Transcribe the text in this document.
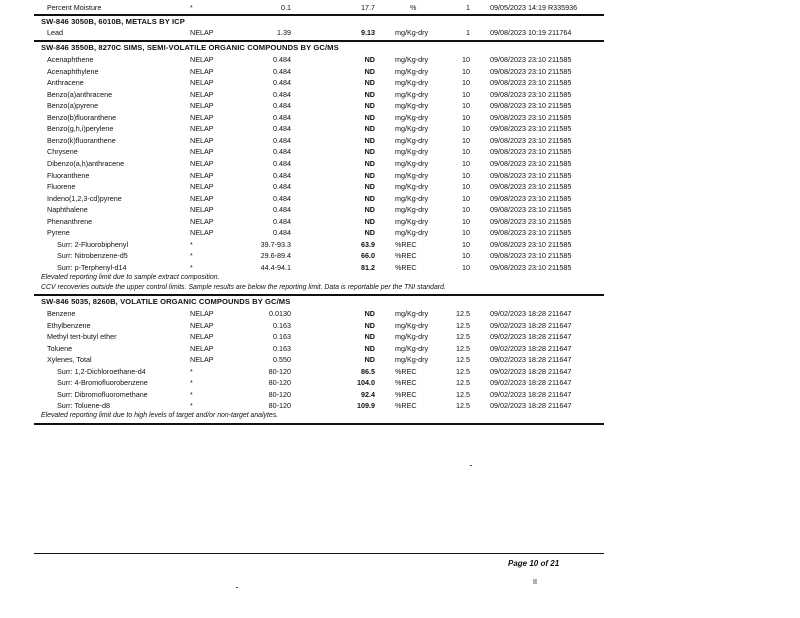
Percent Moisture	*	0.1	17.7	%	1	09/05/2023 14:19 R335936
SW-846 3050B, 6010B, METALS BY ICP
Lead	NELAP	1.39	9.13	mg/Kg-dry	1	09/08/2023 10:19 211764
SW-846 3550B, 8270C SIMS, SEMI-VOLATILE ORGANIC COMPOUNDS BY GC/MS
Acenaphthene	NELAP	0.484	ND	mg/Kg-dry	10	09/08/2023 23:10 211585
Acenaphthylene	NELAP	0.484	ND	mg/Kg-dry	10	09/08/2023 23:10 211585
Anthracene	NELAP	0.484	ND	mg/Kg-dry	10	09/08/2023 23:10 211585
Benzo(a)anthracene	NELAP	0.484	ND	mg/Kg-dry	10	09/08/2023 23:10 211585
Benzo(a)pyrene	NELAP	0.484	ND	mg/Kg-dry	10	09/08/2023 23:10 211585
Benzo(b)fluoranthene	NELAP	0.484	ND	mg/Kg-dry	10	09/08/2023 23:10 211585
Benzo(g,h,i)perylene	NELAP	0.484	ND	mg/Kg-dry	10	09/08/2023 23:10 211585
Benzo(k)fluoranthene	NELAP	0.484	ND	mg/Kg-dry	10	09/08/2023 23:10 211585
Chrysene	NELAP	0.484	ND	mg/Kg-dry	10	09/08/2023 23:10 211585
Dibenzo(a,h)anthracene	NELAP	0.484	ND	mg/Kg-dry	10	09/08/2023 23:10 211585
Fluoranthene	NELAP	0.484	ND	mg/Kg-dry	10	09/08/2023 23:10 211585
Fluorene	NELAP	0.484	ND	mg/Kg-dry	10	09/08/2023 23:10 211585
Indeno(1,2,3-cd)pyrene	NELAP	0.484	ND	mg/Kg-dry	10	09/08/2023 23:10 211585
Naphthalene	NELAP	0.484	ND	mg/Kg-dry	10	09/08/2023 23:10 211585
Phenanthrene	NELAP	0.484	ND	mg/Kg-dry	10	09/08/2023 23:10 211585
Pyrene	NELAP	0.484	ND	mg/Kg-dry	10	09/08/2023 23:10 211585
Surr: 2-Fluorobiphenyl	*	39.7-93.3	63.9	%REC	10	09/08/2023 23:10 211585
Surr: Nitrobenzene-d5	*	29.6-89.4	66.0	%REC	10	09/08/2023 23:10 211585
Surr: p-Terphenyl-d14	*	44.4-94.1	81.2	%REC	10	09/08/2023 23:10 211585
Elevated reporting limit due to sample extract composition.
CCV recoveries outside the upper control limits. Sample results are below the reporting limit. Data is reportable per the TNI standard.
SW-846 5035, 8260B, VOLATILE ORGANIC COMPOUNDS BY GC/MS
Benzene	NELAP	0.0130	ND	mg/Kg-dry	12.5	09/02/2023 18:28 211647
Ethylbenzene	NELAP	0.163	ND	mg/Kg-dry	12.5	09/02/2023 18:28 211647
Methyl tert-butyl ether	NELAP	0.163	ND	mg/Kg-dry	12.5	09/02/2023 18:28 211647
Toluene	NELAP	0.163	ND	mg/Kg-dry	12.5	09/02/2023 18:28 211647
Xylenes, Total	NELAP	0.550	ND	mg/Kg-dry	12.5	09/02/2023 18:28 211647
Surr: 1,2-Dichloroethane-d4	*	80-120	86.5	%REC	12.5	09/02/2023 18:28 211647
Surr: 4-Bromofluorobenzene	*	80-120	104.0	%REC	12.5	09/02/2023 18:28 211647
Surr: Dibromofluoromethane	*	80-120	92.4	%REC	12.5	09/02/2023 18:28 211647
Surr: Toluene-d8	*	80-120	109.9	%REC	12.5	09/02/2023 18:28 211647
Elevated reporting limit due to high levels of target and/or non-target analytes.
Page 10 of 21
||||
